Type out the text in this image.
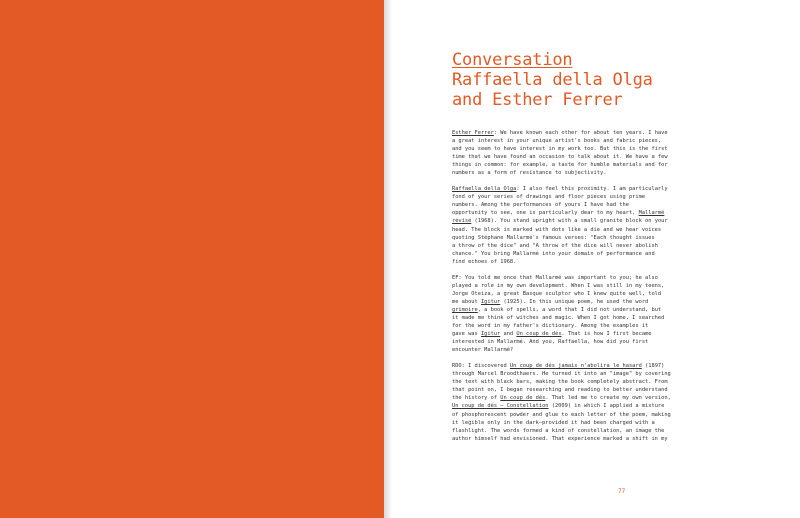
Conversation
Raffaella della Olga
and Esther Ferrer
Esther Ferrer: We have known each other for about ten years. I have
a great interest in your unique artist's books and fabric pieces,
and you seem to have interest in my work too. But this is the first
time that we have found an occasion to talk about it. We have a few
things in common: for example, a taste for humble materials and for
numbers as a form of resistance to subjectivity.
Raffaella della Olga: I also feel this proximity. I am particularly
fond of your series of drawings and floor pieces using prime
numbers. Among the performances of yours I have had the
opportunity to see, one is particularly dear to my heart, Mallarmé
révisé (1968). You stand upright with a small granite block on your
head. The block is marked with dots like a die and we hear voices
quoting Stéphane Mallarmé's famous verses: "Each thought issues
a throw of the dice" and "A throw of the dice will never abolish
chance." You bring Mallarmé into your domain of performance and
find echoes of 1968.
EF: You told me once that Mallarmé was important to you; he also
played a role in my own development. When I was still in my teens,
Jorge Oteiza, a great Basque sculptor who I knew quite well, told
me about Igitur (1925). In this unique poem, he used the word
grimoire, a book of spells, a word that I did not understand, but
it made me think of witches and magic. When I got home, I searched
for the word in my father's dictionary. Among the examples it
gave was Igitur and Un coup de dés. That is how I first became
interested in Mallarmé. And you, Raffaella, how did you first
encounter Mallarmé?
RDO: I discovered Un coup de dés jamais n'abolira le hasard (1897)
through Marcel Broodthaers. He turned it into an "image" by covering
the text with black bars, making the book completely abstract. From
that point on, I began researching and reading to better understand
the history of Un coup de dés. That led me to create my own version,
Un coup de dés – Constellation (2009) in which I applied a mixture
of phosphorescent powder and glue to each letter of the poem, making
it legible only in the dark—provided it had been charged with a
flashlight. The words formed a kind of constellation, an image the
author himself had envisioned. That experience marked a shift in my
77
